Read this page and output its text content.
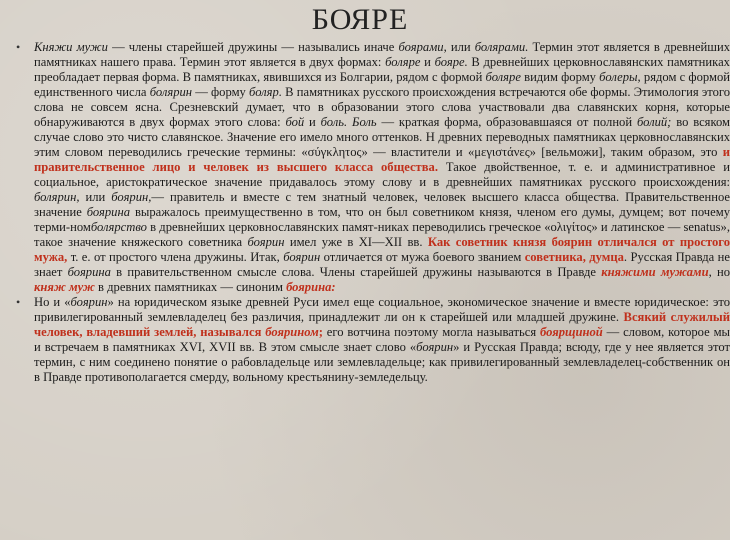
БОЯРЕ
• Княжи мужи — члены старейшей дружины — назывались иначе боярами, или болярами. Термин этот является в древнейших памятниках нашего права. Термин этот является в двух формах: боляре и бояре. В древнейших церковнославянских памятниках преобладает первая форма. В памятниках, явившихся из Болгарии, рядом с формой боляре видим форму болеры, рядом с формой единственного числа болярин — форму боляр. В памятниках русского происхождения встречаются обе формы. Этимология этого слова не совсем ясна. Срезневский думает, что в образовании этого слова участвовали два славянских корня, которые обнаруживаются в двух формах этого слова: бой и боль. Боль — краткая форма, образовавшаяся от полной болий; во всяком случае слово это чисто славянское. Значение его имело много оттенков. Н древних переводных памятниках церковнославянских этим словом переводились греческие термины: «σύγκλητος» — властители и «μεγιστάνες» [вельможи], таким образом, это и правительственное лицо и человек из высшего класса общества. Такое двойственное, т. е. и административное и социальное, аристократическое значение придавалось этому слову и в древнейших памятниках русского происхождения: болярин, или боярин,— правитель и вместе с тем знатный человек, человек высшего класса общества. Правительственное значение боярина выражалось преимущественно в том, что он был советником князя, членом его думы, думцем; вот почему терми-номболярство в древнейших церковнославянских памят-никах переводились греческое «ολιγίτος» и латинское — senatus», такое значение княжеского советника боярин имел уже в XI—XII вв. Как советник князя боярин отличался от простого мужа, т. е. от простого члена дружины. Итак, боярин отличается от мужа боевого званием советника, думца. Русская Правда не знает боярина в правительственном смысле слова. Члены старейшей дружины называются в Правде княжими мужами, но княж муж в древних памятниках — синоним боярина:
• Но и «боярин» на юридическом языке древней Руси имел еще социальное, экономическое значение и вместе юридическое: это привилегированный землевладелец без различия, принадлежит ли он к старейшей или младшей дружине. Всякий служилый человек, владевший землей, назывался боярином; его вотчина поэтому могла называться боярщиной — словом, которое мы и встречаем в памятниках XVI, XVII вв. В этом смысле знает слово «боярин» и Русская Правда; всюду, где у нее является этот термин, с ним соединено понятие о рабовладельце или землевладельце; как привилегированный землевладелец-собственник он в Правде противополагается смерду, вольному крестьянину-земледельцу.
